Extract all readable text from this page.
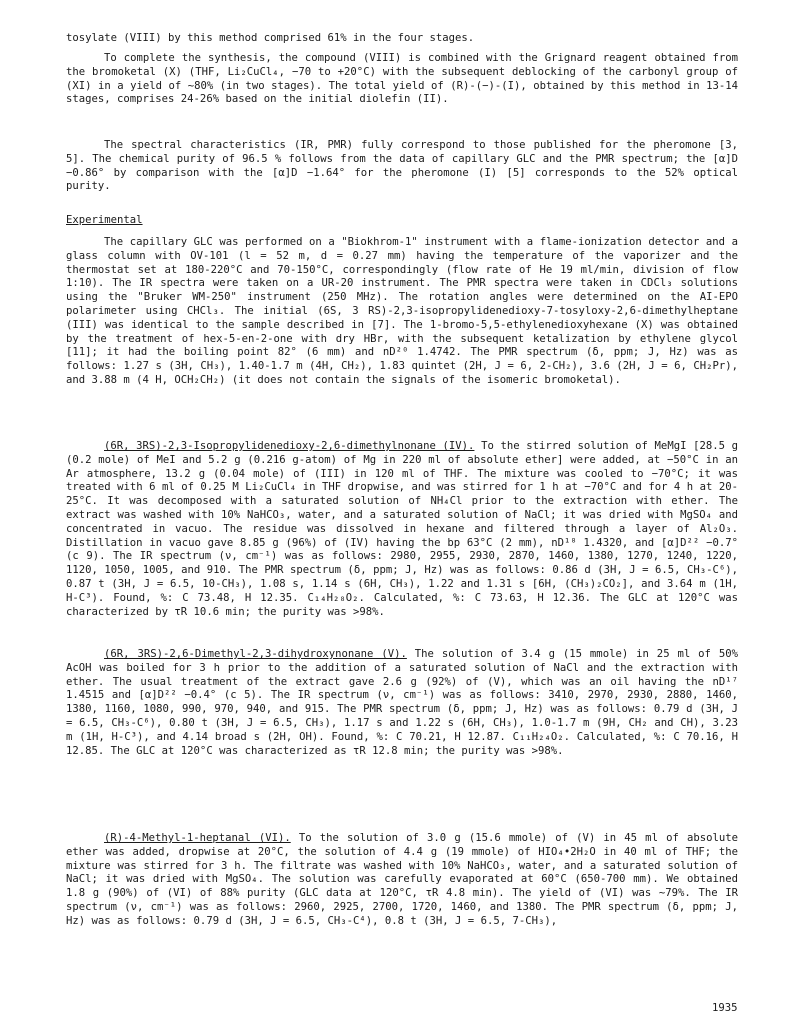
tosylate (VIII) by this method comprised 61% in the four stages.

To complete the synthesis, the compound (VIII) is combined with the Grignard reagent obtained from the bromoketal (X) (THF, Li₂CuCl₄, −70 to +20°C) with the subsequent deblocking of the carbonyl group of (XI) in a yield of ~80% (in two stages). The total yield of (R)-(−)-(I), obtained by this method in 13-14 stages, comprises 24-26% based on the initial diolefin (II).

The spectral characteristics (IR, PMR) fully correspond to those published for the pheromone [3, 5]. The chemical purity of 96.5 % follows from the data of capillary GLC and the PMR spectrum; the [α]D −0.86° by comparison with the [α]D −1.64° for the pheromone (I) [5] corresponds to the 52% optical purity.

Experimental

The capillary GLC was performed on a "Biokhrom-1" instrument with a flame-ionization detector and a glass column with OV-101 (l = 52 m, d = 0.27 mm) having the temperature of the vaporizer and the thermostat set at 180-220°C and 70-150°C, correspondingly (flow rate of He 19 ml/min, division of flow 1:10). The IR spectra were taken on a UR-20 instrument. The PMR spectra were taken in CDCl₃ solutions using the "Bruker WM-250" instrument (250 MHz). The rotation angles were determined on the AI-EPO polarimeter using CHCl₃. The initial (6S, 3 RS)-2,3-isopropylidenedioxy-7-tosyloxy-2,6-dimethylheptane (III) was identical to the sample described in [7]. The 1-bromo-5,5-ethylenedioxyhexane (X) was obtained by the treatment of hex-5-en-2-one with dry HBr, with the subsequent ketalization by ethylene glycol [11]; it had the boiling point 82° (6 mm) and nD²⁰ 1.4742. The PMR spectrum (δ, ppm; J, Hz) was as follows: 1.27 s (3H, CH₃), 1.40-1.7 m (4H, CH₂), 1.83 quintet (2H, J = 6, 2-CH₂), 3.6 (2H, J = 6, CH₂Pr), and 3.88 m (4 H, OCH₂CH₂) (it does not contain the signals of the isomeric bromoketal).

(6R, 3RS)-2,3-Isopropylidenedioxy-2,6-dimethylnonane (IV). To the stirred solution of MeMgI [28.5 g (0.2 mole) of MeI and 5.2 g (0.216 g-atom) of Mg in 220 ml of absolute ether] were added, at −50°C in an Ar atmosphere, 13.2 g (0.04 mole) of (III) in 120 ml of THF. The mixture was cooled to −70°C; it was treated with 6 ml of 0.25 M Li₂CuCl₄ in THF dropwise, and was stirred for 1 h at −70°C and for 4 h at 20-25°C. It was decomposed with a saturated solution of NH₄Cl prior to the extraction with ether. The extract was washed with 10% NaHCO₃, water, and a saturated solution of NaCl; it was dried with MgSO₄ and concentrated in vacuo. The residue was dissolved in hexane and filtered through a layer of Al₂O₃. Distillation in vacuo gave 8.85 g (96%) of (IV) having the bp 63°C (2 mm), nD¹⁸ 1.4320, and [α]D²² −0.7° (c 9). The IR spectrum (ν, cm⁻¹) was as follows: 2980, 2955, 2930, 2870, 1460, 1380, 1270, 1240, 1220, 1120, 1050, 1005, and 910. The PMR spectrum (δ, ppm; J, Hz) was as follows: 0.86 d (3H, J = 6.5, CH₃-C⁶), 0.87 t (3H, J = 6.5, 10-CH₃), 1.08 s, 1.14 s (6H, CH₃), 1.22 and 1.31 s [6H, (CH₃)₂CO₂], and 3.64 m (1H, H-C³). Found, %: C 73.48, H 12.35. C₁₄H₂₈O₂. Calculated, %: C 73.63, H 12.36. The GLC at 120°C was characterized by τR 10.6 min; the purity was >98%.

(6R, 3RS)-2,6-Dimethyl-2,3-dihydroxynonane (V). The solution of 3.4 g (15 mmole) in 25 ml of 50% AcOH was boiled for 3 h prior to the addition of a saturated solution of NaCl and the extraction with ether. The usual treatment of the extract gave 2.6 g (92%) of (V), which was an oil having the nD¹⁷ 1.4515 and [α]D²² −0.4° (c 5). The IR spectrum (ν, cm⁻¹) was as follows: 3410, 2970, 2930, 2880, 1460, 1380, 1160, 1080, 990, 970, 940, and 915. The PMR spectrum (δ, ppm; J, Hz) was as follows: 0.79 d (3H, J = 6.5, CH₃-C⁶), 0.80 t (3H, J = 6.5, CH₃), 1.17 s and 1.22 s (6H, CH₃), 1.0-1.7 m (9H, CH₂ and CH), 3.23 m (1H, H-C³), and 4.14 broad s (2H, OH). Found, %: C 70.21, H 12.87. C₁₁H₂₄O₂. Calculated, %: C 70.16, H 12.85. The GLC at 120°C was characterized as τR 12.8 min; the purity was >98%.

(R)-4-Methyl-1-heptanal (VI). To the solution of 3.0 g (15.6 mmole) of (V) in 45 ml of absolute ether was added, dropwise at 20°C, the solution of 4.4 g (19 mmole) of HIO₄•2H₂O in 40 ml of THF; the mixture was stirred for 3 h. The filtrate was washed with 10% NaHCO₃, water, and a saturated solution of NaCl; it was dried with MgSO₄. The solution was carefully evaporated at 60°C (650-700 mm). We obtained 1.8 g (90%) of (VI) of 88% purity (GLC data at 120°C, τR 4.8 min). The yield of (VI) was ~79%. The IR spectrum (ν, cm⁻¹) was as follows: 2960, 2925, 2700, 1720, 1460, and 1380. The PMR spectrum (δ, ppm; J, Hz) was as follows: 0.79 d (3H, J = 6.5, CH₃-C⁴), 0.8 t (3H, J = 6.5, 7-CH₃),

1935
